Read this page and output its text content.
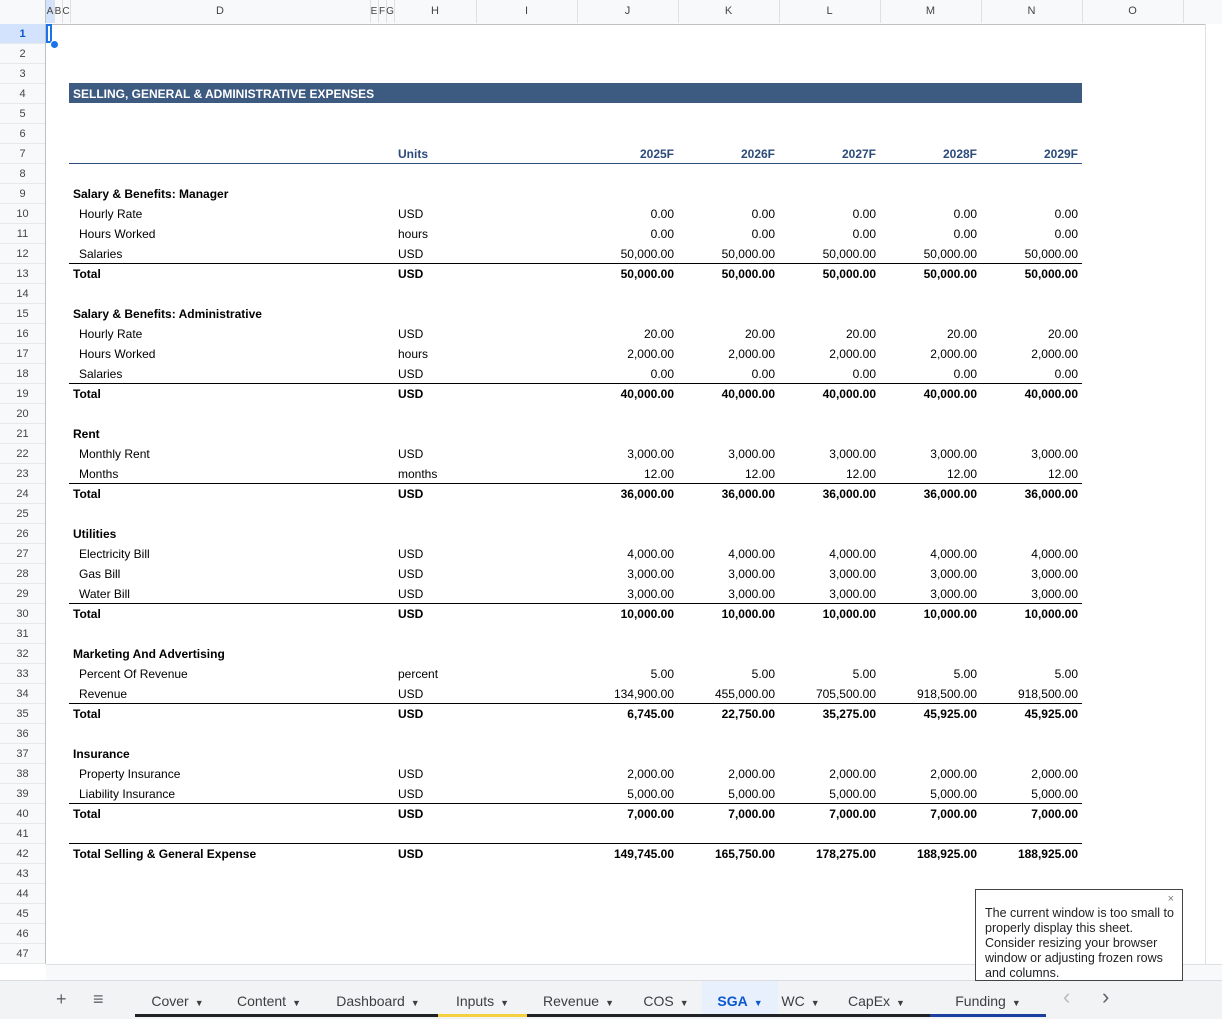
A B C	D	E F G	H	I	J	K	L	M	N	O
1
2
3
4
5
6
7
8
9
10
11
12
13
14
15
16
17
18
19
20
21
22
23
24
25
26
27
28
29
30
31
32
33
34
35
36
37
38
39
40
41
42
43
44
45
46
47
SELLING, GENERAL & ADMINISTRATIVE EXPENSES
Units	2025F	2026F	2027F	2028F	2029F
Salary & Benefits: Manager
Hourly Rate	USD	0.00	0.00	0.00	0.00	0.00
Hours Worked	hours	0.00	0.00	0.00	0.00	0.00
Salaries	USD	50,000.00	50,000.00	50,000.00	50,000.00	50,000.00
Total	USD	50,000.00	50,000.00	50,000.00	50,000.00	50,000.00
Salary & Benefits: Administrative
Hourly Rate	USD	20.00	20.00	20.00	20.00	20.00
Hours Worked	hours	2,000.00	2,000.00	2,000.00	2,000.00	2,000.00
Salaries	USD	0.00	0.00	0.00	0.00	0.00
Total	USD	40,000.00	40,000.00	40,000.00	40,000.00	40,000.00
Rent
Monthly Rent	USD	3,000.00	3,000.00	3,000.00	3,000.00	3,000.00
Months	months	12.00	12.00	12.00	12.00	12.00
Total	USD	36,000.00	36,000.00	36,000.00	36,000.00	36,000.00
Utilities
Electricity Bill	USD	4,000.00	4,000.00	4,000.00	4,000.00	4,000.00
Gas Bill	USD	3,000.00	3,000.00	3,000.00	3,000.00	3,000.00
Water Bill	USD	3,000.00	3,000.00	3,000.00	3,000.00	3,000.00
Total	USD	10,000.00	10,000.00	10,000.00	10,000.00	10,000.00
Marketing And Advertising
Percent Of Revenue	percent	5.00	5.00	5.00	5.00	5.00
Revenue	USD	134,900.00	455,000.00	705,500.00	918,500.00	918,500.00
Total	USD	6,745.00	22,750.00	35,275.00	45,925.00	45,925.00
Insurance
Property Insurance	USD	2,000.00	2,000.00	2,000.00	2,000.00	2,000.00
Liability Insurance	USD	5,000.00	5,000.00	5,000.00	5,000.00	5,000.00
Total	USD	7,000.00	7,000.00	7,000.00	7,000.00	7,000.00
Total Selling & General Expense	USD	149,745.00	165,750.00	178,275.00	188,925.00	188,925.00
+ ≡	Cover ▼	Content ▼	Dashboard ▼	Inputs ▼	Revenue ▼	COS ▼	SGA ▼	WC ▼	CapEx ▼	Funding ▼	‹ ›
×
The current window is too small to properly display this sheet. Consider resizing your browser window or adjusting frozen rows and columns.
